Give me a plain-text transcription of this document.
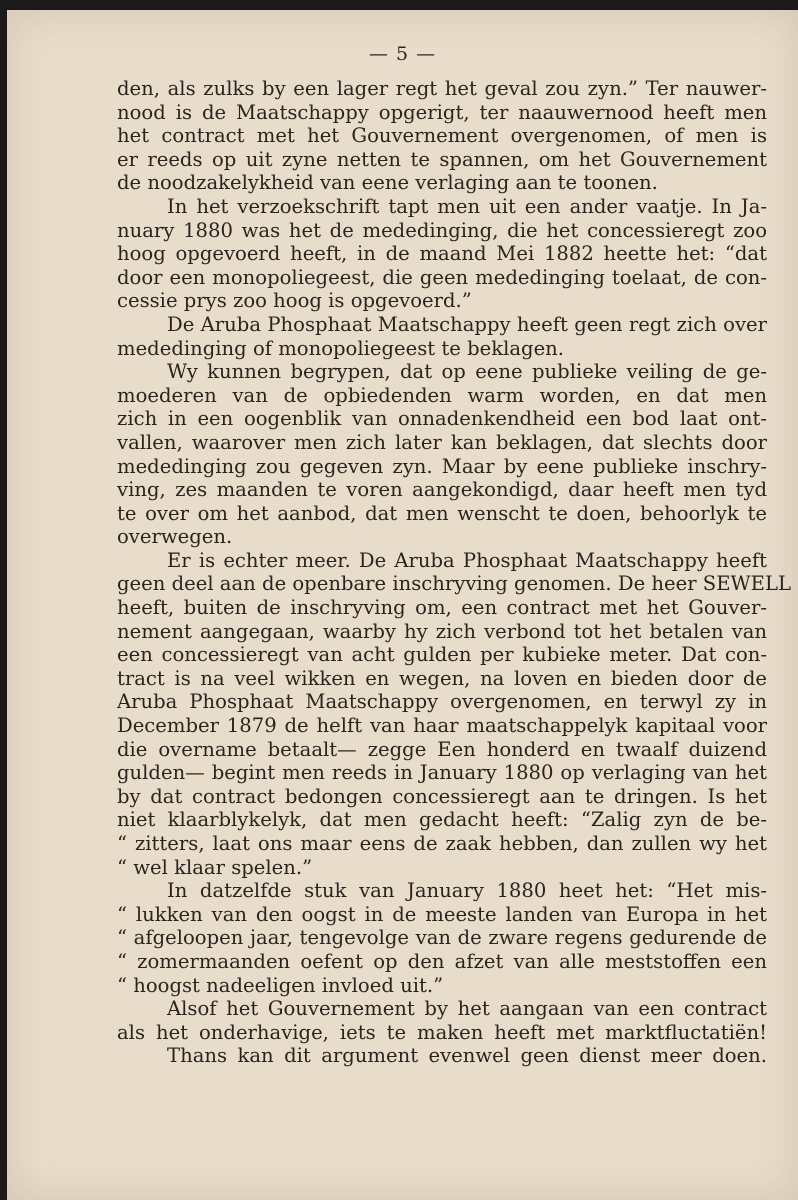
— 5 —
den, als zulks by een lager regt het geval zou zyn.” Ter nauwer-
nood is de Maatschappy opgerigt, ter naauwernood heeft men
het contract met het Gouvernement overgenomen, of men is
er reeds op uit zyne netten te spannen, om het Gouvernement
de noodzakelykheid van eene verlaging aan te toonen.
In het verzoekschrift tapt men uit een ander vaatje. In Ja-
nuary 1880 was het de mededinging, die het concessieregt zoo
hoog opgevoerd heeft, in de maand Mei 1882 heette het: “dat
door een monopoliegeest, die geen mededinging toelaat, de con-
cessie prys zoo hoog is opgevoerd.”
De Aruba Phosphaat Maatschappy heeft geen regt zich over
mededinging of monopoliegeest te beklagen.
Wy kunnen begrypen, dat op eene publieke veiling de ge-
moederen van de opbiedenden warm worden, en dat men
zich in een oogenblik van onnadenkendheid een bod laat ont-
vallen, waarover men zich later kan beklagen, dat slechts door
mededinging zou gegeven zyn. Maar by eene publieke inschry-
ving, zes maanden te voren aangekondigd, daar heeft men tyd
te over om het aanbod, dat men wenscht te doen, behoorlyk te
overwegen.
Er is echter meer. De Aruba Phosphaat Maatschappy heeft
geen deel aan de openbare inschryving genomen. De heer SEWELL
heeft, buiten de inschryving om, een contract met het Gouver-
nement aangegaan, waarby hy zich verbond tot het betalen van
een concessieregt van acht gulden per kubieke meter. Dat con-
tract is na veel wikken en wegen, na loven en bieden door de
Aruba Phosphaat Maatschappy overgenomen, en terwyl zy in
December 1879 de helft van haar maatschappelyk kapitaal voor
die overname betaalt— zegge Een honderd en twaalf duizend
gulden— begint men reeds in January 1880 op verlaging van het
by dat contract bedongen concessieregt aan te dringen. Is het
niet klaarblykelyk, dat men gedacht heeft: “Zalig zyn de be-
“ zitters, laat ons maar eens de zaak hebben, dan zullen wy het
“ wel klaar spelen.”
In datzelfde stuk van January 1880 heet het: “Het mis-
“ lukken van den oogst in de meeste landen van Europa in het
“ afgeloopen jaar, tengevolge van de zware regens gedurende de
“ zomermaanden oefent op den afzet van alle meststoffen een
“ hoogst nadeeligen invloed uit.”
Alsof het Gouvernement by het aangaan van een contract
als het onderhavige, iets te maken heeft met marktfluctatiën!
Thans kan dit argument evenwel geen dienst meer doen.
